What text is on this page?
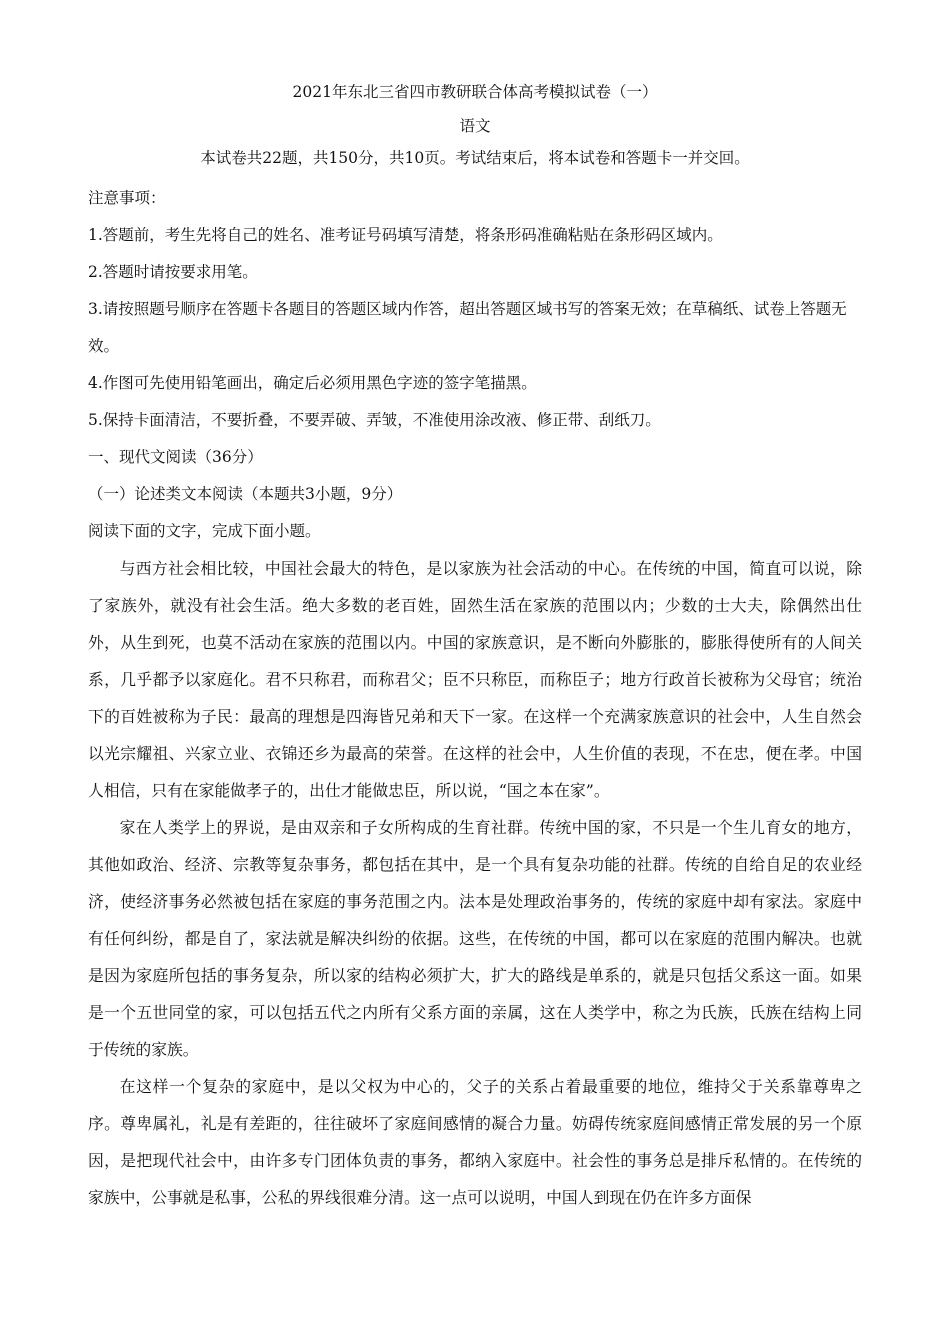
2021年东北三省四市教研联合体高考模拟试卷（一）

语文

本试卷共22题，共150分，共10页。考试结束后，将本试卷和答题卡一并交回。

注意事项：

1.答题前，考生先将自己的姓名、准考证号码填写清楚，将条形码准确粘贴在条形码区域内。

2.答题时请按要求用笔。

3.请按照题号顺序在答题卡各题目的答题区域内作答，超出答题区域书写的答案无效；在草稿纸、试卷上答题无效。

4.作图可先使用铅笔画出，确定后必须用黑色字迹的签字笔描黑。

5.保持卡面清洁，不要折叠，不要弄破、弄皱，不准使用涂改液、修正带、刮纸刀。

一、现代文阅读（36分）

（一）论述类文本阅读（本题共3小题，9分）

阅读下面的文字，完成下面小题。

与西方社会相比较，中国社会最大的特色，是以家族为社会活动的中心。在传统的中国，简直可以说，除了家族外，就没有社会生活。绝大多数的老百姓，固然生活在家族的范围以内；少数的士大夫，除偶然出仕外，从生到死，也莫不活动在家族的范围以内。中国的家族意识，是不断向外膨胀的，膨胀得使所有的人间关系，几乎都予以家庭化。君不只称君，而称君父；臣不只称臣，而称臣子；地方行政首长被称为父母官；统治下的百姓被称为子民：最高的理想是四海皆兄弟和天下一家。在这样一个充满家族意识的社会中，人生自然会以光宗耀祖、兴家立业、衣锦还乡为最高的荣誉。在这样的社会中，人生价值的表现，不在忠，便在孝。中国人相信，只有在家能做孝子的，出仕才能做忠臣，所以说，“国之本在家”。

家在人类学上的界说，是由双亲和子女所构成的生育社群。传统中国的家，不只是一个生儿育女的地方，其他如政治、经济、宗教等复杂事务，都包括在其中，是一个具有复杂功能的社群。传统的自给自足的农业经济，使经济事务必然被包括在家庭的事务范围之内。法本是处理政治事务的，传统的家庭中却有家法。家庭中有任何纠纷，都是自了，家法就是解决纠纷的依据。这些，在传统的中国，都可以在家庭的范围内解决。也就是因为家庭所包括的事务复杂，所以家的结构必须扩大，扩大的路线是单系的，就是只包括父系这一面。如果是一个五世同堂的家，可以包括五代之内所有父系方面的亲属，这在人类学中，称之为氏族，氏族在结构上同于传统的家族。

在这样一个复杂的家庭中，是以父权为中心的，父子的关系占着最重要的地位，维持父于关系靠尊卑之序。尊卑属礼，礼是有差距的，往往破坏了家庭间感情的凝合力量。妨碍传统家庭间感情正常发展的另一个原因，是把现代社会中，由许多专门团体负责的事务，都纳入家庭中。社会性的事务总是排斥私情的。在传统的家族中，公事就是私事，公私的界线很难分清。这一点可以说明，中国人到现在仍在许多方面保
